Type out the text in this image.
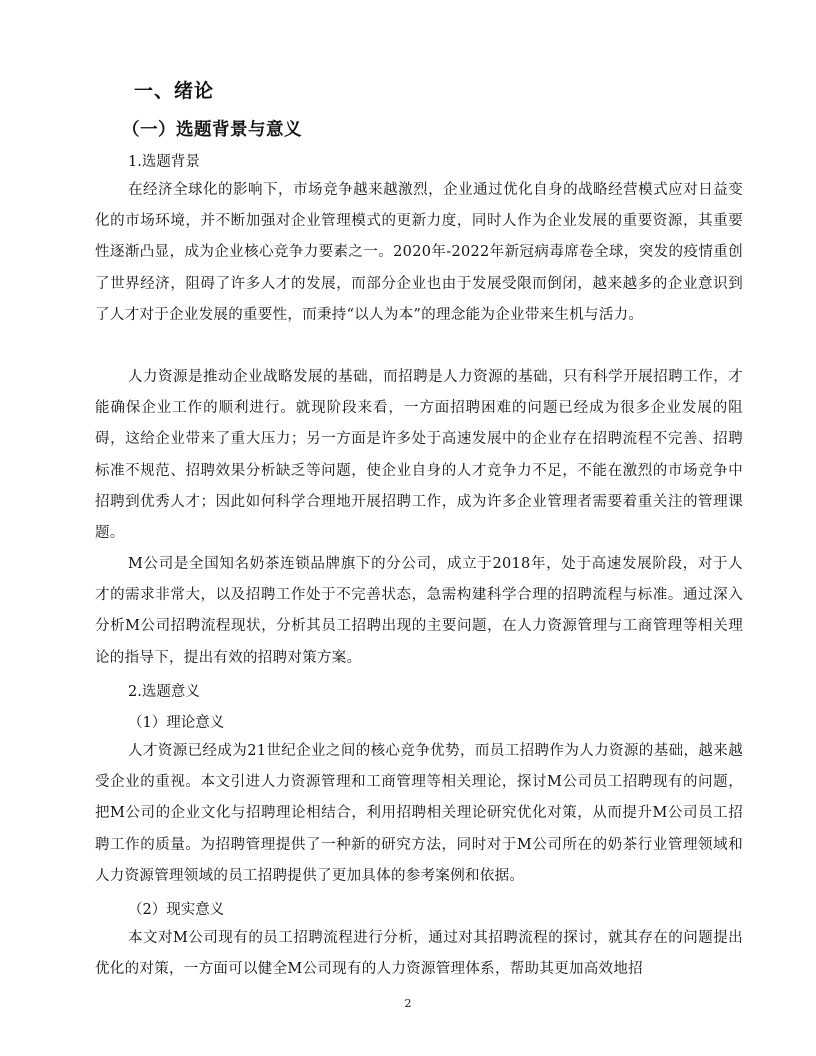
一、绪论
（一）选题背景与意义

1.选题背景

在经济全球化的影响下，市场竞争越来越激烈，企业通过优化自身的战略经营模式应对日益变化的市场环境，并不断加强对企业管理模式的更新力度，同时人作为企业发展的重要资源，其重要性逐渐凸显，成为企业核心竞争力要素之一。2020年-2022年新冠病毒席卷全球，突发的疫情重创了世界经济，阻碍了许多人才的发展，而部分企业也由于发展受限而倒闭，越来越多的企业意识到了人才对于企业发展的重要性，而秉持“以人为本”的理念能为企业带来生机与活力。

人力资源是推动企业战略发展的基础，而招聘是人力资源的基础，只有科学开展招聘工作，才能确保企业工作的顺利进行。就现阶段来看，一方面招聘困难的问题已经成为很多企业发展的阻碍，这给企业带来了重大压力；另一方面是许多处于高速发展中的企业存在招聘流程不完善、招聘标准不规范、招聘效果分析缺乏等问题，使企业自身的人才竞争力不足，不能在激烈的市场竞争中招聘到优秀人才；因此如何科学合理地开展招聘工作，成为许多企业管理者需要着重关注的管理课题。

M公司是全国知名奶茶连锁品牌旗下的分公司，成立于2018年，处于高速发展阶段，对于人才的需求非常大，以及招聘工作处于不完善状态，急需构建科学合理的招聘流程与标准。通过深入分析M公司招聘流程现状，分析其员工招聘出现的主要问题，在人力资源管理与工商管理等相关理论的指导下，提出有效的招聘对策方案。

2.选题意义

（1）理论意义

人才资源已经成为21世纪企业之间的核心竞争优势，而员工招聘作为人力资源的基础，越来越受企业的重视。本文引进人力资源管理和工商管理等相关理论，探讨M公司员工招聘现有的问题，把M公司的企业文化与招聘理论相结合，利用招聘相关理论研究优化对策，从而提升M公司员工招聘工作的质量。为招聘管理提供了一种新的研究方法，同时对于M公司所在的奶茶行业管理领域和人力资源管理领域的员工招聘提供了更加具体的参考案例和依据。

（2）现实意义

本文对M公司现有的员工招聘流程进行分析，通过对其招聘流程的探讨，就其存在的问题提出优化的对策，一方面可以健全M公司现有的人力资源管理体系，帮助其更加高效地招

2
